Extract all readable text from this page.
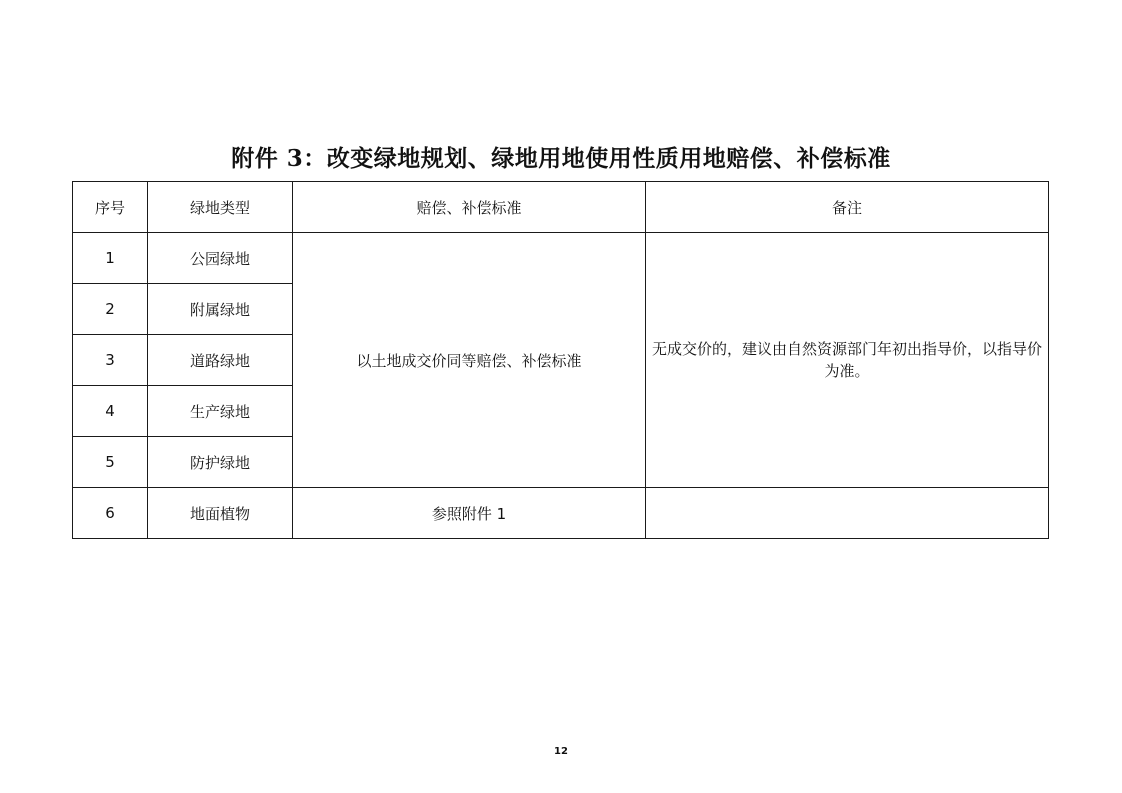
附件 3：改变绿地规划、绿地用地使用性质用地赔偿、补偿标准
序号	绿地类型	赔偿、补偿标准	备注
1	公园绿地	以土地成交价同等赔偿、补偿标准	无成交价的，建议由自然资源部门年初出指导价，以指导价为准。
2	附属绿地		
3	道路绿地		
4	生产绿地		
5	防护绿地		
6	地面植物	参照附件 1	
12
